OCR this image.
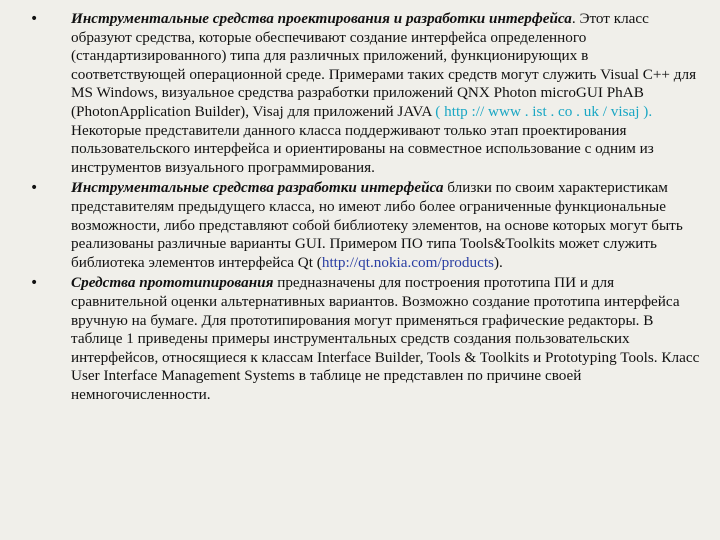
• Инструментальные средства проектирования и разработки интерфейса. Этот класс образуют средства, которые обеспечивают создание интерфейса определенного (стандартизированного) типа для различных приложений, функционирующих в соответствующей операционной среде. Примерами таких средств могут служить Visual C++ для MS Windows, визуальное средства разработки приложений QNX Photon microGUI PhAB (PhotonApplication Builder), Visaj для приложений JAVA ( http :// www . ist . co . uk / visaj ). Некоторые представители данного класса поддерживают только этап проектирования пользовательского интерфейса и ориентированы на совместное использование с одним из инструментов визуального программирования.
• Инструментальные средства разработки интерфейса близки по своим характеристикам представителям предыдущего класса, но имеют либо более ограниченные функциональные возможности, либо представляют собой библиотеку элементов, на основе которых могут быть реализованы различные варианты GUI. Примером ПО типа Tools&Toolkits может служить библиотека элементов интерфейса Qt (http://qt.nokia.com/products).
• Средства прототипирования предназначены для построения прототипа ПИ и для сравнительной оценки альтернативных вариантов. Возможно создание прототипа интерфейса вручную на бумаге. Для прототипирования могут применяться графические редакторы. В таблице 1 приведены примеры инструментальных средств создания пользовательских интерфейсов, относящиеся к классам Interface Builder, Tools & Toolkits и Prototyping Tools. Класс User Interface Management Systems в таблице не представлен по причине своей немногочисленности.
